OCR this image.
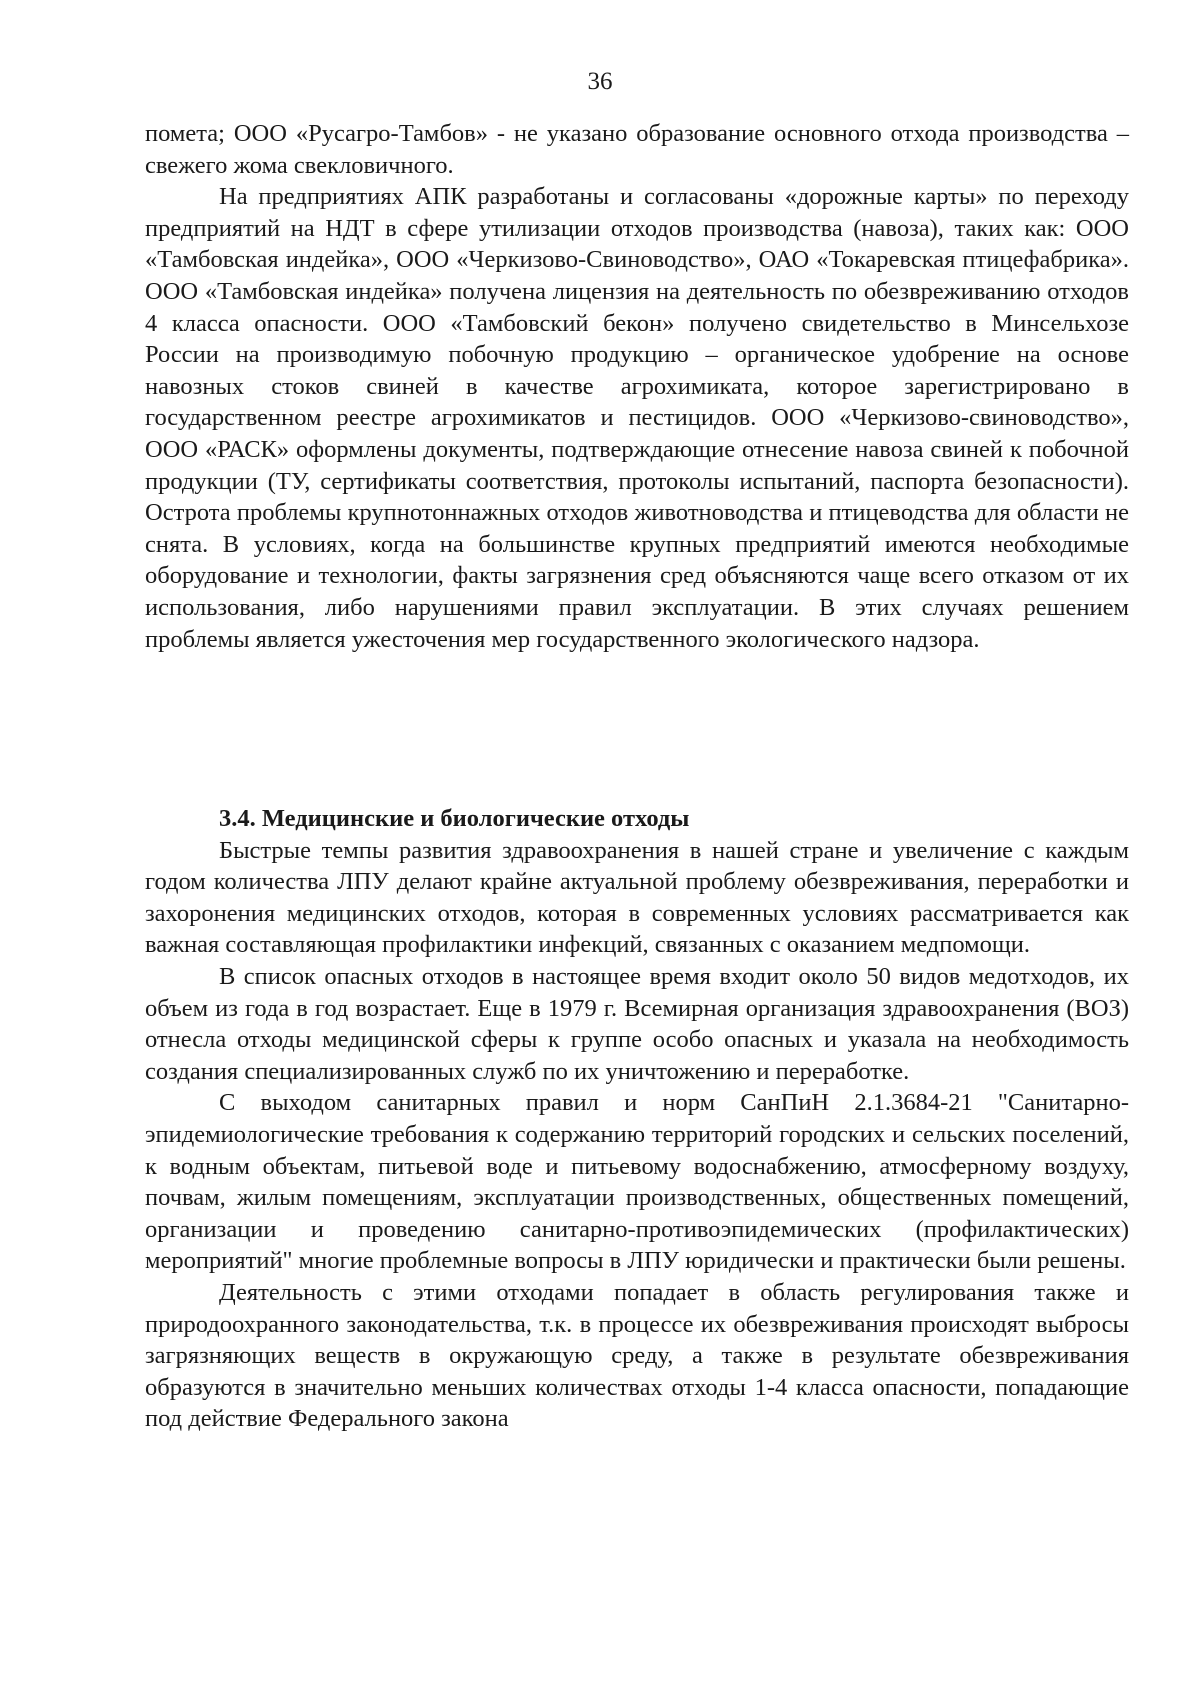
36

помета; ООО «Русагро-Тамбов» - не указано образование основного отхода производства – свежего жома свекловичного.

На предприятиях АПК разработаны и согласованы «дорожные карты» по переходу предприятий на НДТ в сфере утилизации отходов производства (навоза), таких как: ООО «Тамбовская индейка», ООО «Черкизово-Свиноводство», ОАО «Токаревская птицефабрика». ООО «Тамбовская индейка» получена лицензия на деятельность по обезвреживанию отходов 4 класса опасности. ООО «Тамбовский бекон» получено свидетельство в Минсельхозе России на производимую побочную продукцию – органическое удобрение на основе навозных стоков свиней в качестве агрохимиката, которое зарегистрировано в государственном реестре агрохимикатов и пестицидов. ООО «Черкизово-свиноводство», ООО «РАСК» оформлены документы, подтверждающие отнесение навоза свиней к побочной продукции (ТУ, сертификаты соответствия, протоколы испытаний, паспорта безопасности). Острота проблемы крупнотоннажных отходов животноводства и птицеводства для области не снята. В условиях, когда на большинстве крупных предприятий имеются необходимые оборудование и технологии, факты загрязнения сред объясняются чаще всего отказом от их использования, либо нарушениями правил эксплуатации. В этих случаях решением проблемы является ужесточения мер государственного экологического надзора.

3.4. Медицинские и биологические отходы

Быстрые темпы развития здравоохранения в нашей стране и увеличение с каждым годом количества ЛПУ делают крайне актуальной проблему обезвреживания, переработки и захоронения медицинских отходов, которая в современных условиях рассматривается как важная составляющая профилактики инфекций, связанных с оказанием медпомощи.

В список опасных отходов в настоящее время входит около 50 видов медотходов, их объем из года в год возрастает. Еще в 1979 г. Всемирная организация здравоохранения (ВОЗ) отнесла отходы медицинской сферы к группе особо опасных и указала на необходимость создания специализированных служб по их уничтожению и переработке.

С выходом санитарных правил и норм СанПиН 2.1.3684-21 "Санитарно-эпидемиологические требования к содержанию территорий городских и сельских поселений, к водным объектам, питьевой воде и питьевому водоснабжению, атмосферному воздуху, почвам, жилым помещениям, эксплуатации производственных, общественных помещений, организации и проведению санитарно-противоэпидемических (профилактических) мероприятий" многие проблемные вопросы в ЛПУ юридически и практически были решены.

Деятельность с этими отходами попадает в область регулирования также и природоохранного законодательства, т.к. в процессе их обезвреживания происходят выбросы загрязняющих веществ в окружающую среду, а также в результате обезвреживания образуются в значительно меньших количествах отходы 1-4 класса опасности, попадающие под действие Федерального закона
